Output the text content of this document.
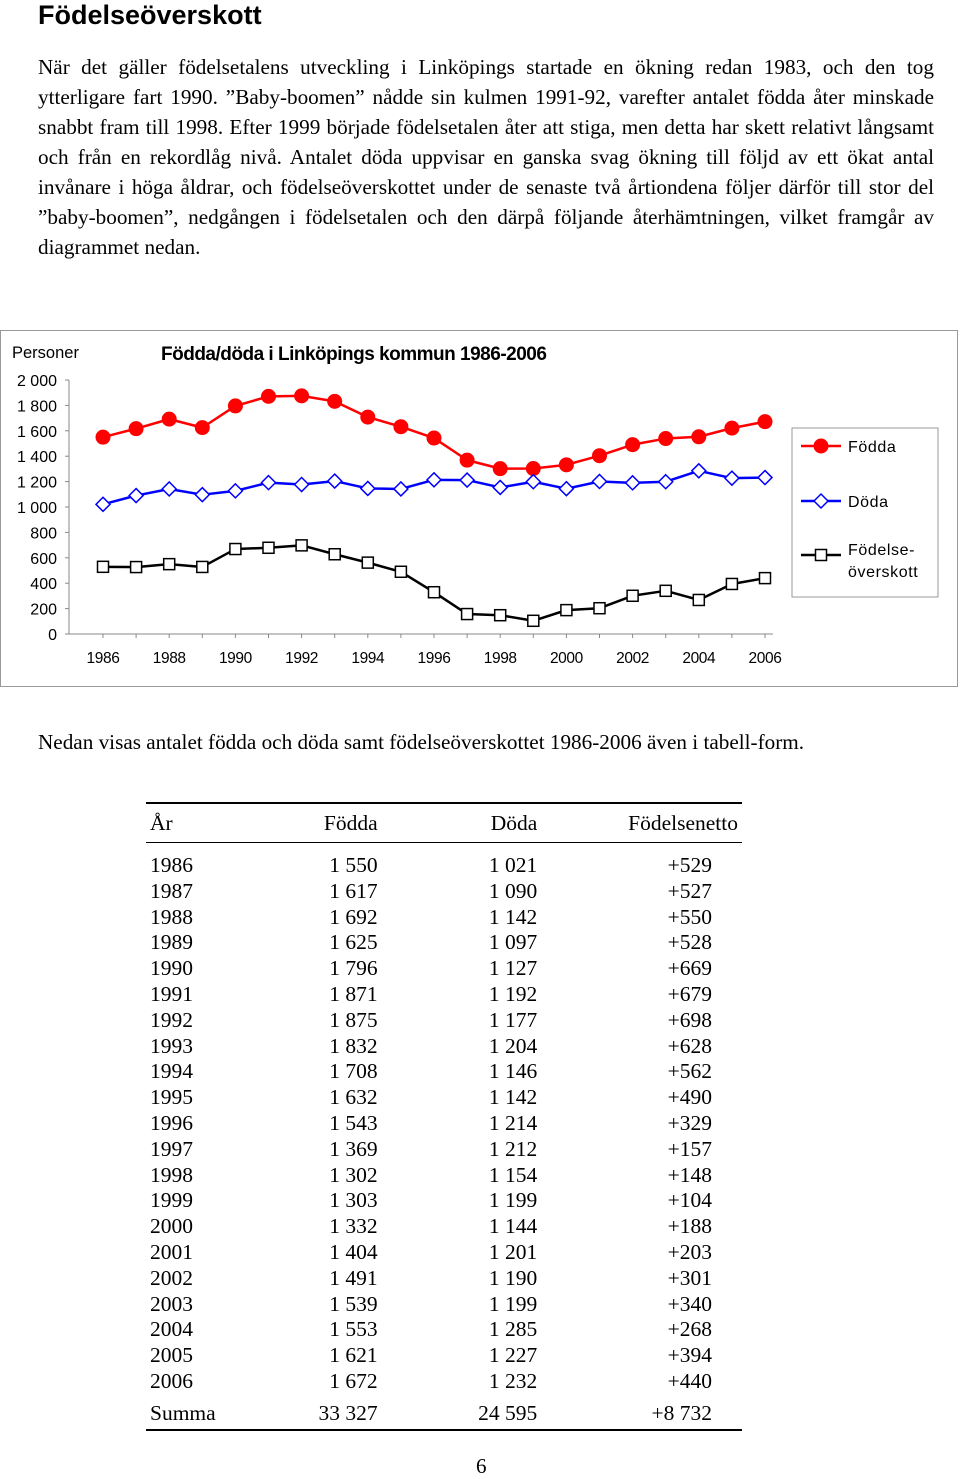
Födelseöverskott

När det gäller födelsetalens utveckling i Linköpings startade en ökning redan 1983, och den tog ytterligare fart 1990. ”Baby-boomen” nådde sin kulmen 1991-92, varefter antalet födda åter minskade snabbt fram till 1998. Efter 1999 började födelsetalen åter att stiga, men detta har skett relativt långsamt och från en rekordlåg nivå. Antalet döda uppvisar en ganska svag ökning till följd av ett ökat antal invånare i höga åldrar, och födelseöverskottet under de senaste två årtiondena följer därför till stor del ”baby-boomen”, nedgången i födelsetalen och den därpå följande återhämtningen, vilket framgår av diagrammet nedan.

Personer	Födda/döda i Linköpings kommun 1986-2006
0
200
400
600
800
1 000
1 200
1 400
1 600
1 800
2 000
1986 1988 1990 1992 1994 1996 1998 2000 2002 2004 2006
Födda
Döda
Födelse-
överskott

Nedan visas antalet födda och döda samt födelseöverskottet 1986-2006 även i tabell-form.

År	Födda	Döda	Födelsenetto
1986	1 550	1 021	+529
1987	1 617	1 090	+527
1988	1 692	1 142	+550
1989	1 625	1 097	+528
1990	1 796	1 127	+669
1991	1 871	1 192	+679
1992	1 875	1 177	+698
1993	1 832	1 204	+628
1994	1 708	1 146	+562
1995	1 632	1 142	+490
1996	1 543	1 214	+329
1997	1 369	1 212	+157
1998	1 302	1 154	+148
1999	1 303	1 199	+104
2000	1 332	1 144	+188
2001	1 404	1 201	+203
2002	1 491	1 190	+301
2003	1 539	1 199	+340
2004	1 553	1 285	+268
2005	1 621	1 227	+394
2006	1 672	1 232	+440
Summa	33 327	24 595	+8 732
6
